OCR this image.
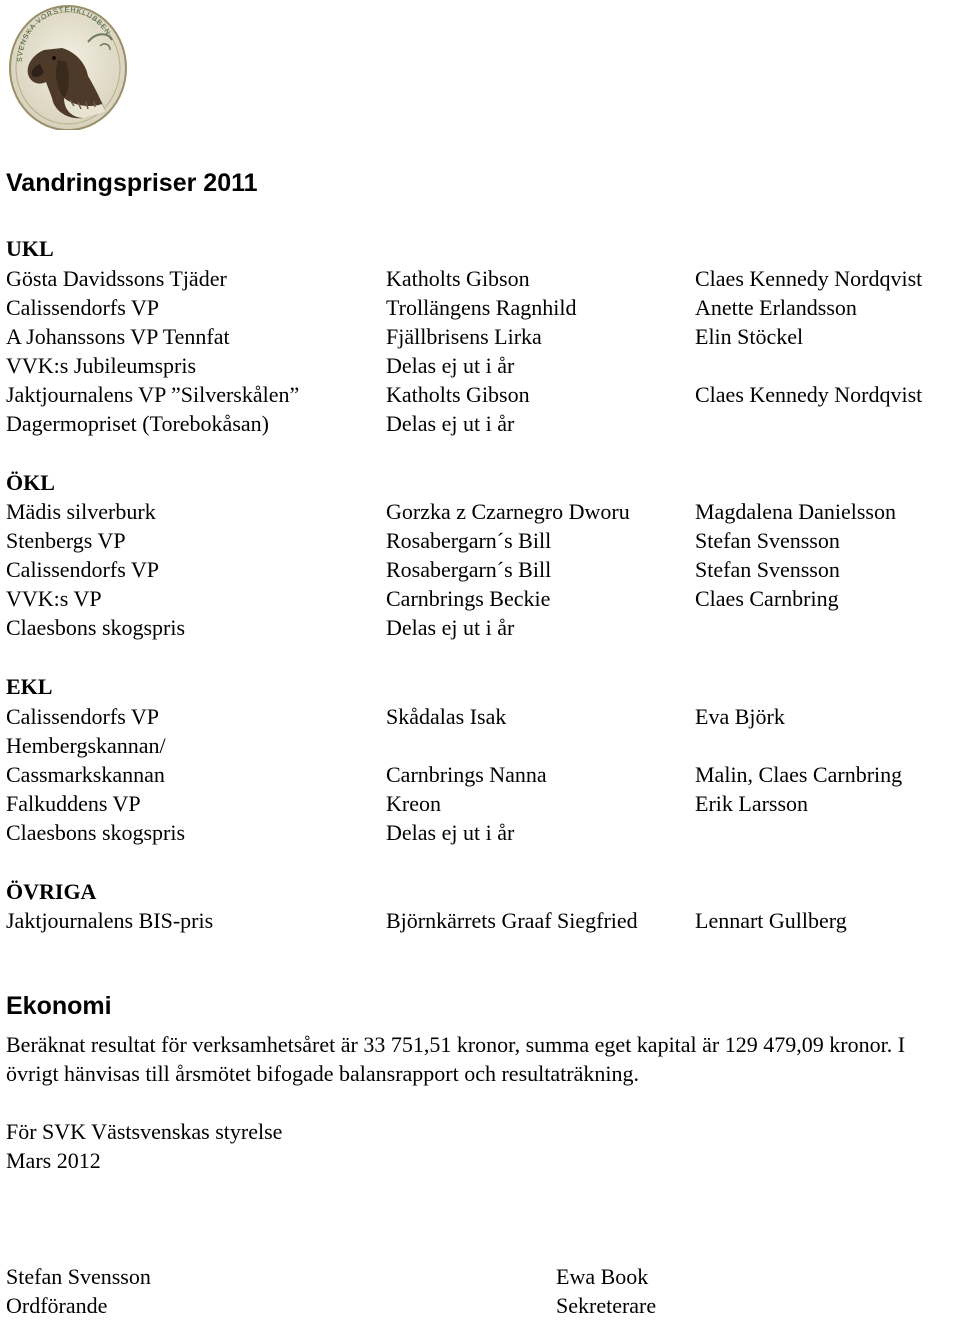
SVENSKA VORSTEHKLUBBEN
Vandringspriser 2011
UKL
Gösta Davidssons Tjäder	Katholts Gibson	Claes Kennedy Nordqvist
Calissendorfs VP	Trollängens Ragnhild	Anette Erlandsson
A Johanssons VP Tennfat	Fjällbrisens Lirka	Elin Stöckel
VVK:s Jubileumspris	Delas ej ut i år
Jaktjournalens VP ”Silverskålen”	Katholts Gibson	Claes Kennedy Nordqvist
Dagermopriset (Torebokåsan)	Delas ej ut i år
ÖKL
Mädis silverburk	Gorzka z Czarnegro Dworu	Magdalena Danielsson
Stenbergs VP	Rosabergarn´s Bill	Stefan Svensson
Calissendorfs VP	Rosabergarn´s Bill	Stefan Svensson
VVK:s VP	Carnbrings Beckie	Claes Carnbring
Claesbons skogspris	Delas ej ut i år
EKL
Calissendorfs VP	Skådalas Isak	Eva Björk
Hembergskannan/
Cassmarkskannan	Carnbrings Nanna	Malin, Claes Carnbring
Falkuddens VP	Kreon	Erik Larsson
Claesbons skogspris	Delas ej ut i år
ÖVRIGA
Jaktjournalens BIS-pris	Björnkärrets Graaf Siegfried	Lennart Gullberg
Ekonomi
Beräknat resultat för verksamhetsåret är 33 751,51 kronor, summa eget kapital är 129 479,09 kronor. I övrigt hänvisas till årsmötet bifogade balansrapport och resultaträkning.
För SVK Västsvenskas styrelse
Mars 2012
Stefan Svensson
Ordförande
Ewa Book
Sekreterare
